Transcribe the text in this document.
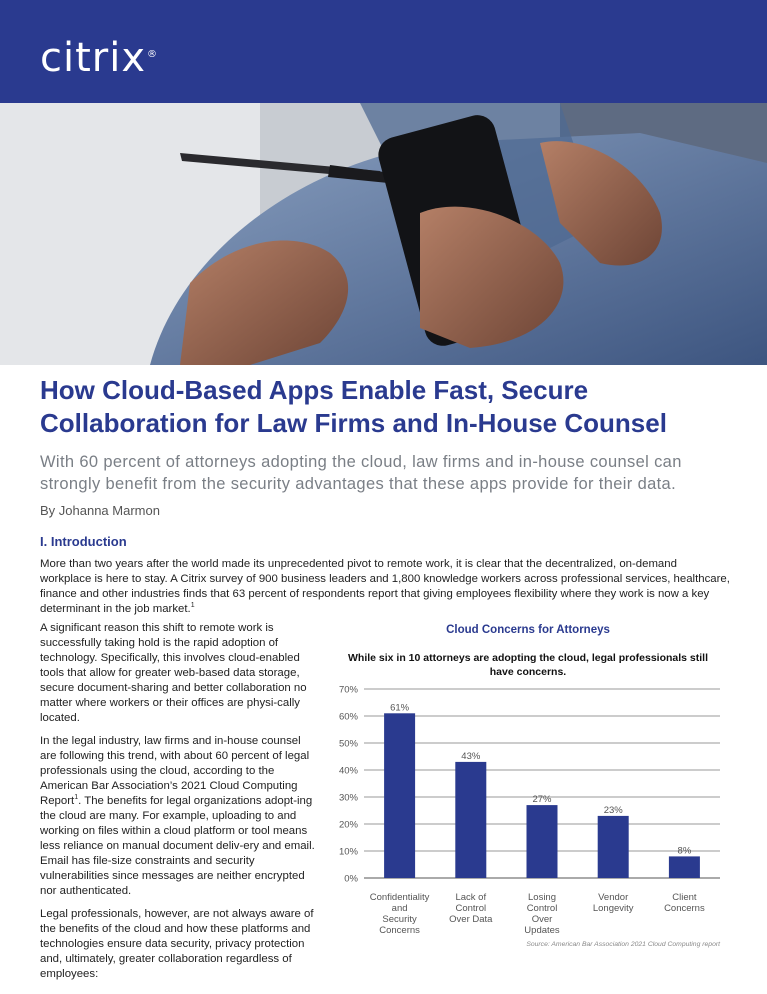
citrix®
How Cloud-Based Apps Enable Fast, Secure
Collaboration for Law Firms and In-House Counsel
With 60 percent of attorneys adopting the cloud, law firms and in-house counsel can strongly benefit from the security advantages that these apps provide for their data.
By Johanna Marmon
I. Introduction

More than two years after the world made its unprecedented pivot to remote work, it is clear that the decentralized, on-demand workplace is here to stay. A Citrix survey of 900 business leaders and 1,800 knowledge workers across professional services, healthcare, finance and other industries finds that 63 percent of respondents report that giving employees flexibility where they work is now a key determinant in the job market.$^1$

A significant reason this shift to remote work is successfully taking hold is the rapid adoption of technology. Specifically, this involves cloud-enabled tools that allow for greater web-based data storage, secure document-sharing and better collaboration no matter where workers or their offices are physi-cally located.

In the legal industry, law firms and in-house counsel are following this trend, with about 60 percent of legal professionals using the cloud, according to the American Bar Association’s 2021 Cloud Computing Report$^1$. The benefits for legal organizations adopt-ing the cloud are many. For example, uploading to and working on files within a cloud platform or tool means less reliance on manual document deliv-ery and email. Email has file-size constraints and security vulnerabilities since messages are neither encrypted nor authenticated.

Legal professionals, however, are not always aware of the benefits of the cloud and how these platforms and technologies ensure data security, privacy protection and, ultimately, greater collaboration regardless of employees:

Cloud Concerns for Attorneys
While six in 10 attorneys are adopting the cloud, legal professionals still have concerns.
0%
10%
20%
30%
40%
50%
60%
70%
61%
Confidentiality and Security Concerns
43%
Lack of Control Over Data
27%
Losing Control Over Updates
23%
Vendor Longevity
8%
Client Concerns
Source: American Bar Association 2021 Cloud Computing report
